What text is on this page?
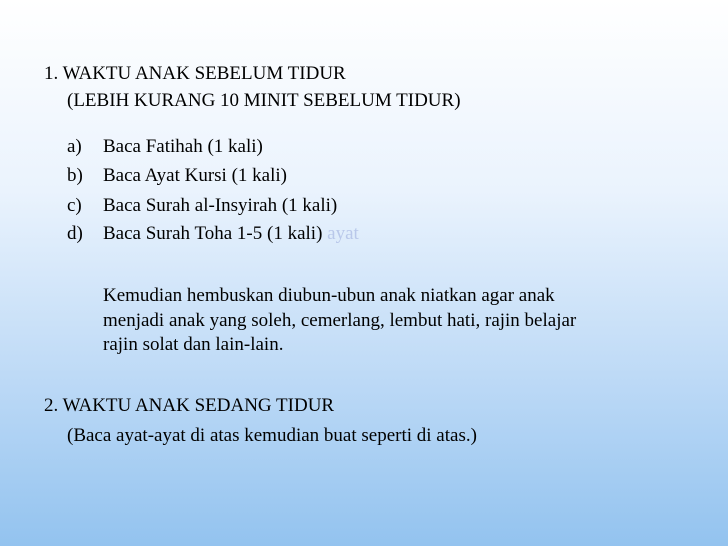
1. WAKTU ANAK SEBELUM TIDUR
(LEBIH KURANG 10 MINIT SEBELUM TIDUR)
a) Baca Fatihah (1 kali)
b) Baca Ayat Kursi (1 kali)
c) Baca Surah al-Insyirah (1 kali)
d) Baca Surah Toha 1-5 (1 kali) ayat
Kemudian hembuskan diubun-ubun anak niatkan agar anak
menjadi anak yang soleh, cemerlang, lembut hati, rajin belajar
rajin solat dan lain-lain.
2. WAKTU ANAK SEDANG TIDUR
(Baca ayat-ayat di atas kemudian buat seperti di atas.)
